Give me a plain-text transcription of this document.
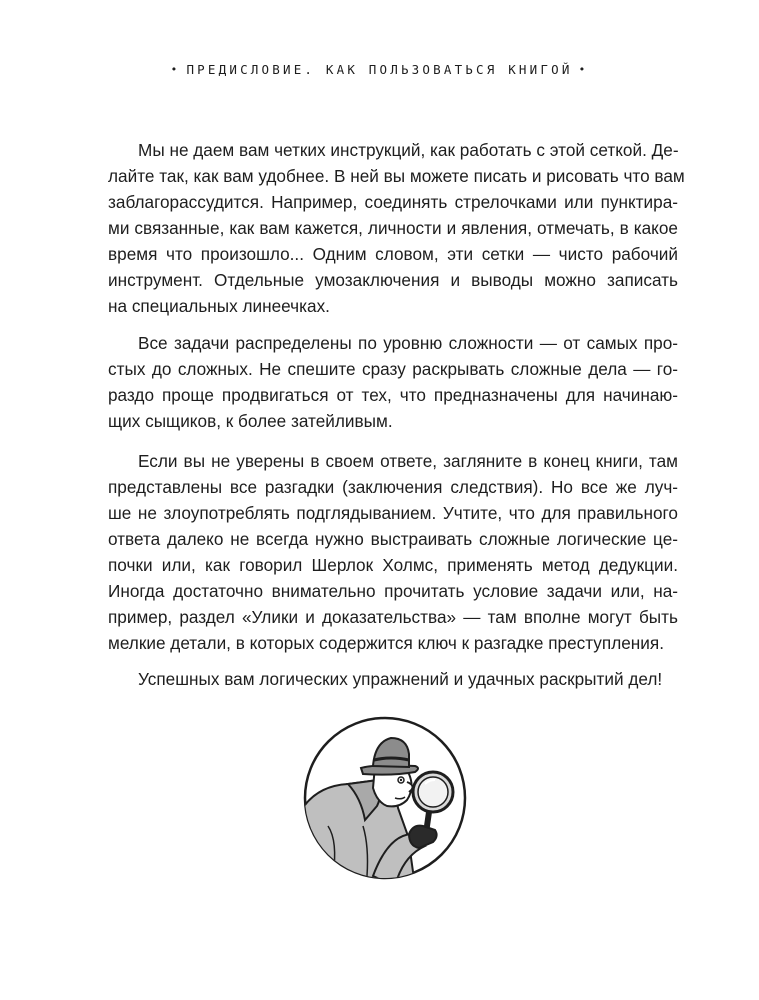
• ПРЕДИСЛОВИЕ. КАК ПОЛЬЗОВАТЬСЯ КНИГОЙ •
Мы не даем вам четких инструкций, как работать с этой сеткой. Де-
лайте так, как вам удобнее. В ней вы можете писать и рисовать что вам
заблагорассудится. Например, соединять стрелочками или пунктира-
ми связанные, как вам кажется, личности и явления, отмечать, в какое
время что произошло... Одним словом, эти сетки — чисто рабочий
инструмент. Отдельные умозаключения и выводы можно записать
на специальных линеечках.
Все задачи распределены по уровню сложности — от самых про-
стых до сложных. Не спешите сразу раскрывать сложные дела — го-
раздо проще продвигаться от тех, что предназначены для начинаю-
щих сыщиков, к более затейливым.
Если вы не уверены в своем ответе, загляните в конец книги, там
представлены все разгадки (заключения следствия). Но все же луч-
ше не злоупотреблять подглядыванием. Учтите, что для правильного
ответа далеко не всегда нужно выстраивать сложные логические це-
почки или, как говорил Шерлок Холмс, применять метод дедукции.
Иногда достаточно внимательно прочитать условие задачи или, на-
пример, раздел «Улики и доказательства» — там вполне могут быть
мелкие детали, в которых содержится ключ к разгадке преступления.
Успешных вам логических упражнений и удачных раскрытий дел!
